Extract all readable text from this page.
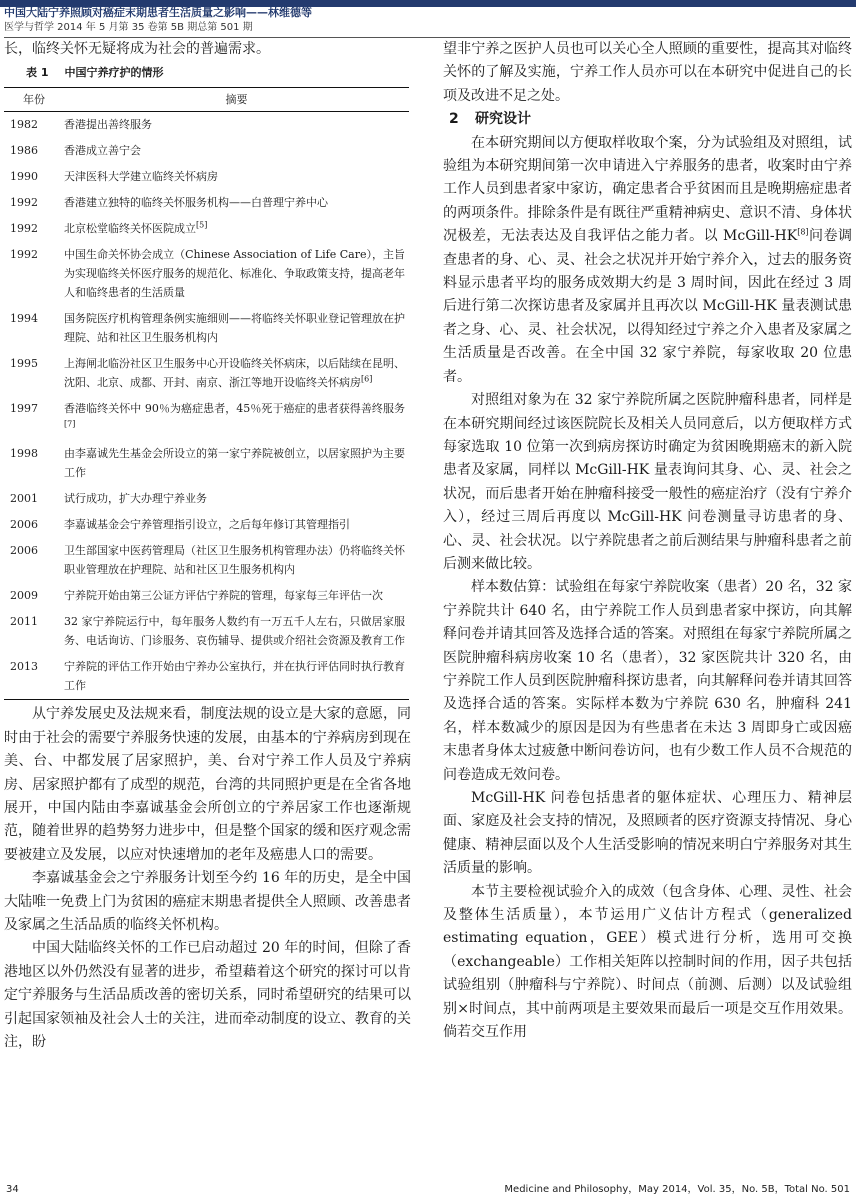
中国大陆宁养照顾对癌症末期患者生活质量之影响——林维德等
医学与哲学 2014 年 5 月第 35 卷第 5B 期总第 501 期

长，临终关怀无疑将成为社会的普遍需求。

表 1 中国宁养疗护的情形
年份	摘要
1982	香港提出善终服务
1986	香港成立善宁会
1990	天津医科大学建立临终关怀病房
1992	香港建立独特的临终关怀服务机构——白普理宁养中心
1992	北京松堂临终关怀医院成立[5]
1992	中国生命关怀协会成立（Chinese Association of Life Care），主旨为实现临终关怀医疗服务的规范化、标准化、争取政策支持，提高老年人和临终患者的生活质量
1994	国务院医疗机构管理条例实施细则——将临终关怀职业登记管理放在护理院、站和社区卫生服务机构内
1995	上海闸北临汾社区卫生服务中心开设临终关怀病床，以后陆续在昆明、沈阳、北京、成都、开封、南京、浙江等地开设临终关怀病房[6]
1997	香港临终关怀中 90％为癌症患者，45％死于癌症的患者获得善终服务[7]
1998	由李嘉诚先生基金会所设立的第一家宁养院被创立，以居家照护为主要工作
2001	试行成功，扩大办理宁养业务
2006	李嘉诚基金会宁养管理指引设立，之后每年修订其管理指引
2006	卫生部国家中医药管理局（社区卫生服务机构管理办法）仍将临终关怀职业管理放在护理院、站和社区卫生服务机构内
2009	宁养院开始由第三公证方评估宁养院的管理，每家每三年评估一次
2011	32 家宁养院运行中，每年服务人数约有一万五千人左右，只做居家服务、电话询访、门诊服务、哀伤辅导、提供或介绍社会资源及教育工作
2013	宁养院的评估工作开始由宁养办公室执行，并在执行评估同时执行教育工作

从宁养发展史及法规来看，制度法规的设立是大家的意愿，同时由于社会的需要宁养服务快速的发展，由基本的宁养病房到现在美、台、中都发展了居家照护，美、台对宁养工作人员及宁养病房、居家照护都有了成型的规范，台湾的共同照护更是在全省各地展开，中国内陆由李嘉诚基金会所创立的宁养居家工作也逐渐规范，随着世界的趋势努力进步中，但是整个国家的缓和医疗观念需要被建立及发展，以应对快速增加的老年及癌患人口的需要。

李嘉诚基金会之宁养服务计划至今约 16 年的历史，是全中国大陆唯一免费上门为贫困的癌症末期患者提供全人照顾、改善患者及家属之生活品质的临终关怀机构。

中国大陆临终关怀的工作已启动超过 20 年的时间，但除了香港地区以外仍然没有显著的进步，希望藉着这个研究的探讨可以肯定宁养服务与生活品质改善的密切关系，同时希望研究的结果可以引起国家领袖及社会人士的关注，进而牵动制度的设立、教育的关注，盼

望非宁养之医护人员也可以关心全人照顾的重要性，提高其对临终关怀的了解及实施，宁养工作人员亦可以在本研究中促进自己的长项及改进不足之处。

2 研究设计

在本研究期间以方便取样收取个案，分为试验组及对照组，试验组为本研究期间第一次申请进入宁养服务的患者，收案时由宁养工作人员到患者家中家访，确定患者合乎贫困而且是晚期癌症患者的两项条件。排除条件是有既往严重精神病史、意识不清、身体状况极差，无法表达及自我评估之能力者。以 McGill-HK[8]问卷调查患者的身、心、灵、社会之状况并开始宁养介入，过去的服务资料显示患者平均的服务成效期大约是 3 周时间，因此在经过 3 周后进行第二次探访患者及家属并且再次以 McGill-HK 量表测试患者之身、心、灵、社会状况，以得知经过宁养之介入患者及家属之生活质量是否改善。在全中国 32 家宁养院，每家收取 20 位患者。

对照组对象为在 32 家宁养院所属之医院肿瘤科患者，同样是在本研究期间经过该医院院长及相关人员同意后，以方便取样方式每家选取 10 位第一次到病房探访时确定为贫困晚期癌末的新入院患者及家属，同样以 McGill-HK 量表询问其身、心、灵、社会之状况，而后患者开始在肿瘤科接受一般性的癌症治疗（没有宁养介入），经过三周后再度以 McGill-HK 问卷测量寻访患者的身、心、灵、社会状况。以宁养院患者之前后测结果与肿瘤科患者之前后测来做比较。

样本数估算：试验组在每家宁养院收案（患者）20 名，32 家宁养院共计 640 名，由宁养院工作人员到患者家中探访，向其解释问卷并请其回答及选择合适的答案。对照组在每家宁养院所属之医院肿瘤科病房收案 10 名（患者），32 家医院共计 320 名，由宁养院工作人员到医院肿瘤科探访患者，向其解释问卷并请其回答及选择合适的答案。实际样本数为宁养院 630 名，肿瘤科 241 名，样本数减少的原因是因为有些患者在未达 3 周即身亡或因癌末患者身体太过疲惫中断问卷访问，也有少数工作人员不合规范的问卷造成无效问卷。

McGill-HK 问卷包括患者的躯体症状、心理压力、精神层面、家庭及社会支持的情况，及照顾者的医疗资源支持情况、身心健康、精神层面以及个人生活受影响的情况来明白宁养服务对其生活质量的影响。

本节主要检视试验介入的成效（包含身体、心理、灵性、社会及整体生活质量），本节运用广义估计方程式（generalized estimating equation，GEE）模式进行分析，选用可交换（exchangeable）工作相关矩阵以控制时间的作用，因子共包括试验组别（肿瘤科与宁养院）、时间点（前测、后测）以及试验组别×时间点，其中前两项是主要效果而最后一项是交互作用效果。倘若交互作用

34	Medicine and Philosophy，May 2014，Vol. 35，No. 5B，Total No. 501
